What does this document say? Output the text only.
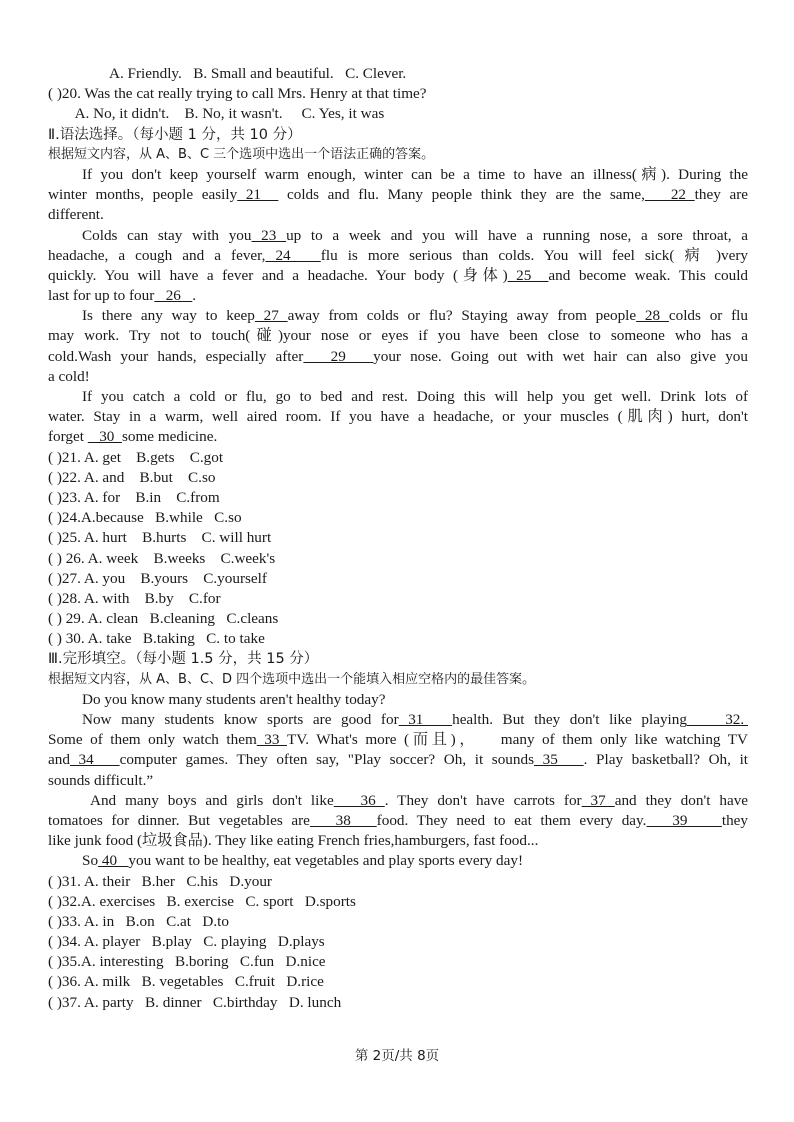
A. Friendly.   B. Small and beautiful.   C. Clever.
( )20. Was the cat really trying to call Mrs. Henry at that time?
A. No, it didn't.    B. No, it wasn't.     C. Yes, it was
Ⅱ.语法选择。（每小题 1 分，共 10 分）
根据短文内容，从 A、B、C 三个选项中选出一个语法正确的答案。
If you don't keep yourself warm enough, winter can be a time to have an illness(病). During the
winter months, people easily 21   colds and flu. Many people think they are the same,   22 they are
different.
Colds can stay with you 23 up to a week and you will have a running nose, a sore throat, a
headache, a cough and a fever, 24   flu is more serious than colds. You will feel sick( 病 )very
quickly. You will have a fever and a headache. Your body (身体) 25  and become weak. This could
last for up to four   26   .
Is there any way to keep 27 away from colds or flu? Staying away from people 28 colds or flu
may work. Try not to touch(碰)your nose or eyes if you have been close to someone who has a
cold.Wash your hands, especially after   29   your nose. Going out with wet hair can also give you
a cold!
If you catch a cold or flu, go to bed and rest. Doing this will help you get well. Drink lots of
water. Stay in a warm, well aired room. If you have a headache, or your muscles (肌肉) hurt, don't
forget    30  some medicine.
( )21. A. get    B.gets    C.got
( )22. A. and    B.but    C.so
( )23. A. for    B.in    C.from
( )24.A.because   B.while   C.so
( )25. A. hurt    B.hurts    C. will hurt
( ) 26. A. week    B.weeks    C.week's
( )27. A. you    B.yours    C.yourself
( )28. A. with    B.by    C.for
( ) 29. A. clean   B.cleaning   C.cleans
( ) 30. A. take   B.taking   C. to take
Ⅲ.完形填空。（每小题 1.5 分，共 15 分）
根据短文内容，从 A、B、C、D 四个选项中选出一个能填入相应空格内的最佳答案。
Do you know many students aren't healthy today?
Now many students know sports are good for 31   health. But they don't like playing    32.
Some of them only watch them 33 TV. What's more (而且)，   many of them only like watching TV
and 34   computer games. They often say, "Play soccer? Oh, it sounds 35   . Play basketball? Oh, it
sounds difficult.”
And many boys and girls don't like   36 . They don't have carrots for 37 and they don't have
tomatoes for dinner. But vegetables are   38   food. They need to eat them every day.   39    they
like junk food (垃圾食品). They like eating French fries,hamburgers, fast food...
So 40   you want to be healthy, eat vegetables and play sports every day!
( )31. A. their   B.her   C.his   D.your
( )32.A. exercises   B. exercise   C. sport   D.sports
( )33. A. in   B.on   C.at   D.to
( )34. A. player   B.play   C. playing   D.plays
( )35.A. interesting   B.boring   C.fun   D.nice
( )36. A. milk   B. vegetables   C.fruit   D.rice
( )37. A. party   B. dinner   C.birthday   D. lunch
第 2页/共 8页
